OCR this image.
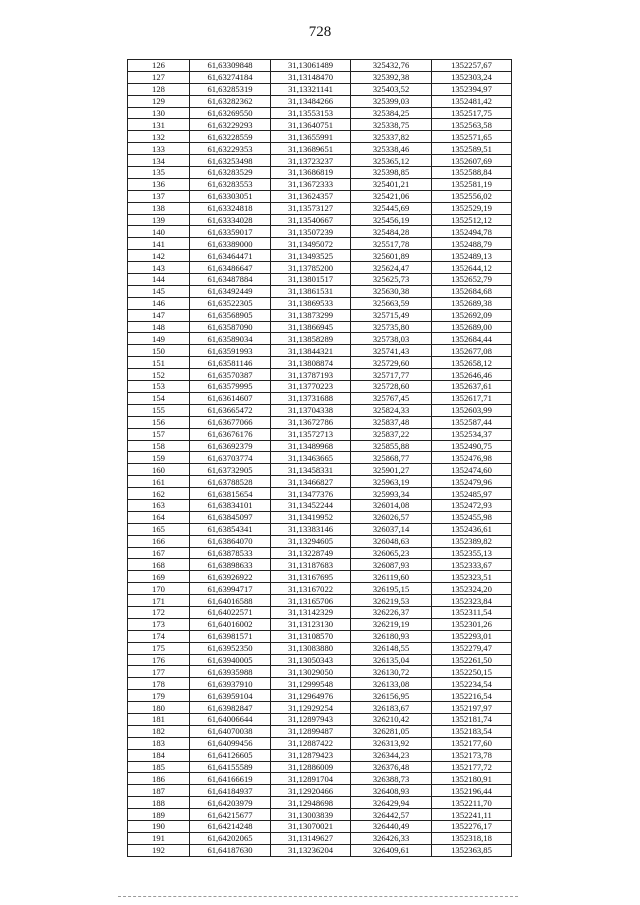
728
126	61,63309848	31,13061489	325432,76	1352257,67
127	61,63274184	31,13148470	325392,38	1352303,24
128	61,63285319	31,13321141	325403,52	1352394,97
129	61,63282362	31,13484266	325399,03	1352481,42
130	61,63269550	31,13553153	325384,25	1352517,75
131	61,63229293	31,13640751	325338,75	1352563,58
132	61,63228559	31,13655991	325337,82	1352571,65
133	61,63229353	31,13689651	325338,46	1352589,51
134	61,63253498	31,13723237	325365,12	1352607,69
135	61,63283529	31,13686819	325398,85	1352588,84
136	61,63283553	31,13672333	325401,21	1352581,19
137	61,63303051	31,13624357	325421,06	1352556,02
138	61,63324818	31,13573127	325445,69	1352529,19
139	61,63334028	31,13540667	325456,19	1352512,12
140	61,63359017	31,13507239	325484,28	1352494,78
141	61,63389000	31,13495072	325517,78	1352488,79
142	61,63464471	31,13493525	325601,89	1352489,13
143	61,63486647	31,13785200	325624,47	1352644,12
144	61,63487884	31,13801517	325625,73	1352652,79
145	61,63492449	31,13861531	325630,38	1352684,68
146	61,63522305	31,13869533	325663,59	1352689,38
147	61,63568905	31,13873299	325715,49	1352692,09
148	61,63587090	31,13866945	325735,80	1352689,00
149	61,63589034	31,13858289	325738,03	1352684,44
150	61,63591993	31,13844321	325741,43	1352677,08
151	61,63581146	31,13808874	325729,60	1352658,12
152	61,63570387	31,13787193	325717,77	1352646,46
153	61,63579995	31,13770223	325728,60	1352637,61
154	61,63614607	31,13731688	325767,45	1352617,71
155	61,63665472	31,13704338	325824,33	1352603,99
156	61,63677066	31,13672786	325837,48	1352587,44
157	61,63676176	31,13572713	325837,22	1352534,37
158	61,63692379	31,13489968	325855,88	1352490,75
159	61,63703774	31,13463665	325868,77	1352476,98
160	61,63732905	31,13458331	325901,27	1352474,60
161	61,63788528	31,13466827	325963,19	1352479,96
162	61,63815654	31,13477376	325993,34	1352485,97
163	61,63834101	31,13452244	326014,08	1352472,93
164	61,63845097	31,13419952	326026,57	1352455,98
165	61,63854341	31,13383146	326037,14	1352436,61
166	61,63864070	31,13294605	326048,63	1352389,82
167	61,63878533	31,13228749	326065,23	1352355,13
168	61,63898633	31,13187683	326087,93	1352333,67
169	61,63926922	31,13167695	326119,60	1352323,51
170	61,63994717	31,13167022	326195,15	1352324,20
171	61,64016588	31,13165706	326219,53	1352323,84
172	61,64022571	31,13142329	326226,37	1352311,54
173	61,64016002	31,13123130	326219,19	1352301,26
174	61,63981571	31,13108570	326180,93	1352293,01
175	61,63952350	31,13083880	326148,55	1352279,47
176	61,63940005	31,13050343	326135,04	1352261,50
177	61,63935988	31,13029050	326130,72	1352250,15
178	61,63937910	31,12999548	326133,08	1352234,54
179	61,63959104	31,12964976	326156,95	1352216,54
180	61,63982847	31,12929254	326183,67	1352197,97
181	61,64006644	31,12897943	326210,42	1352181,74
182	61,64070038	31,12899487	326281,05	1352183,54
183	61,64099456	31,12887422	326313,92	1352177,60
184	61,64126605	31,12879423	326344,23	1352173,78
185	61,64155589	31,12886009	326376,48	1352177,72
186	61,64166619	31,12891704	326388,73	1352180,91
187	61,64184937	31,12920466	326408,93	1352196,44
188	61,64203979	31,12948698	326429,94	1352211,70
189	61,64215677	31,13003839	326442,57	1352241,11
190	61,64214248	31,13070021	326440,49	1352276,17
191	61,64202065	31,13149627	326426,33	1352318,18
192	61,64187630	31,13236204	326409,61	1352363,85
